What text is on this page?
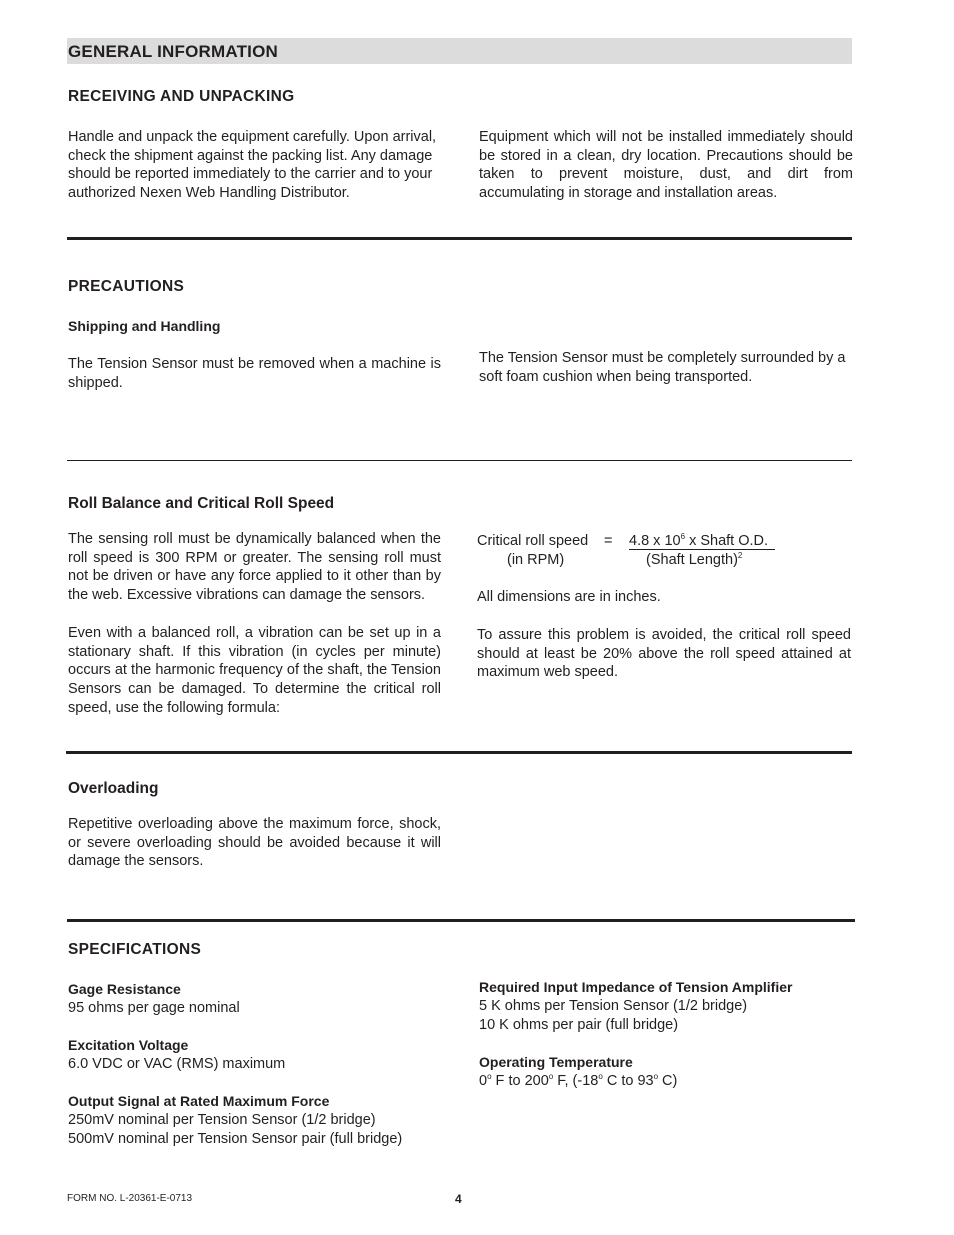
GENERAL INFORMATION
RECEIVING AND UNPACKING
Handle and unpack the equipment carefully. Upon arrival, check the shipment against the packing list. Any damage should be reported immediately to the carrier and to your authorized Nexen Web Handling Distributor.
Equipment which will not be installed immediately should be stored in a clean, dry location. Precautions should be taken to prevent moisture, dust, and dirt from accumulating in storage and installation areas.
PRECAUTIONS
Shipping and Handling
The Tension Sensor must be removed when a machine is shipped.
The Tension Sensor must be completely surrounded by a soft foam cushion when being transported.
Roll Balance and Critical Roll Speed
The sensing roll must be dynamically balanced when the roll speed is 300 RPM or greater. The sensing roll must not be driven or have any force applied to it other than by the web. Excessive vibrations can damage the sensors.
Even with a balanced roll, a vibration can be set up in a stationary shaft. If this vibration (in cycles per minute) occurs at the harmonic frequency of the shaft, the Tension Sensors can be damaged. To determine the critical roll speed, use the following formula:
Critical roll speed
(in RPM)
= 4.8 x $10^6$ x Shaft O.D.
(Shaft Length)$^2$
All dimensions are in inches.
To assure this problem is avoided, the critical roll speed should at least be 20% above the roll speed attained at maximum web speed.
Overloading
Repetitive overloading above the maximum force, shock, or severe overloading should be avoided because it will damage the sensors.
SPECIFICATIONS
Gage Resistance
95 ohms per gage nominal
Excitation Voltage
6.0 VDC or VAC (RMS) maximum
Output Signal at Rated Maximum Force
250mV nominal per Tension Sensor (1/2 bridge)
500mV nominal per Tension Sensor pair (full bridge)
Required Input Impedance of Tension Amplifier
5 K ohms per Tension Sensor (1/2 bridge)
10 K ohms per pair (full bridge)
Operating Temperature
0$^o$ F to 200$^o$ F, (-18$^o$ C to 93$^o$ C)
FORM NO. L-20361-E-0713	4
